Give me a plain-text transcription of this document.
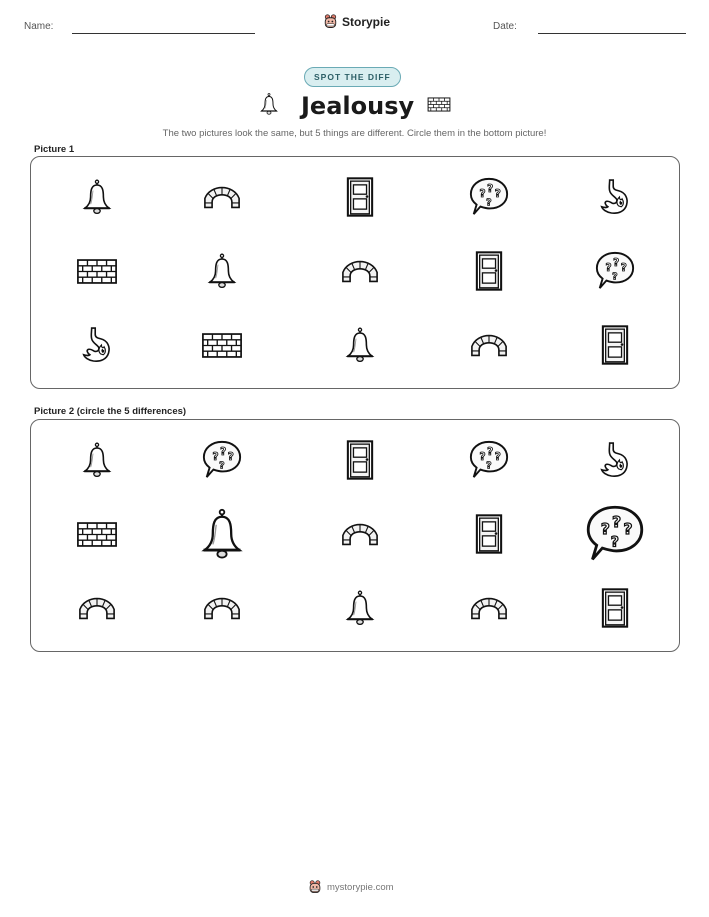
Name:	Storypie	Date:
SPOT THE DIFF
Jealousy
The two pictures look the same, but 5 things are different. Circle them in the bottom picture!
Picture 1
Picture 2 (circle the 5 differences)
mystorypie.com
